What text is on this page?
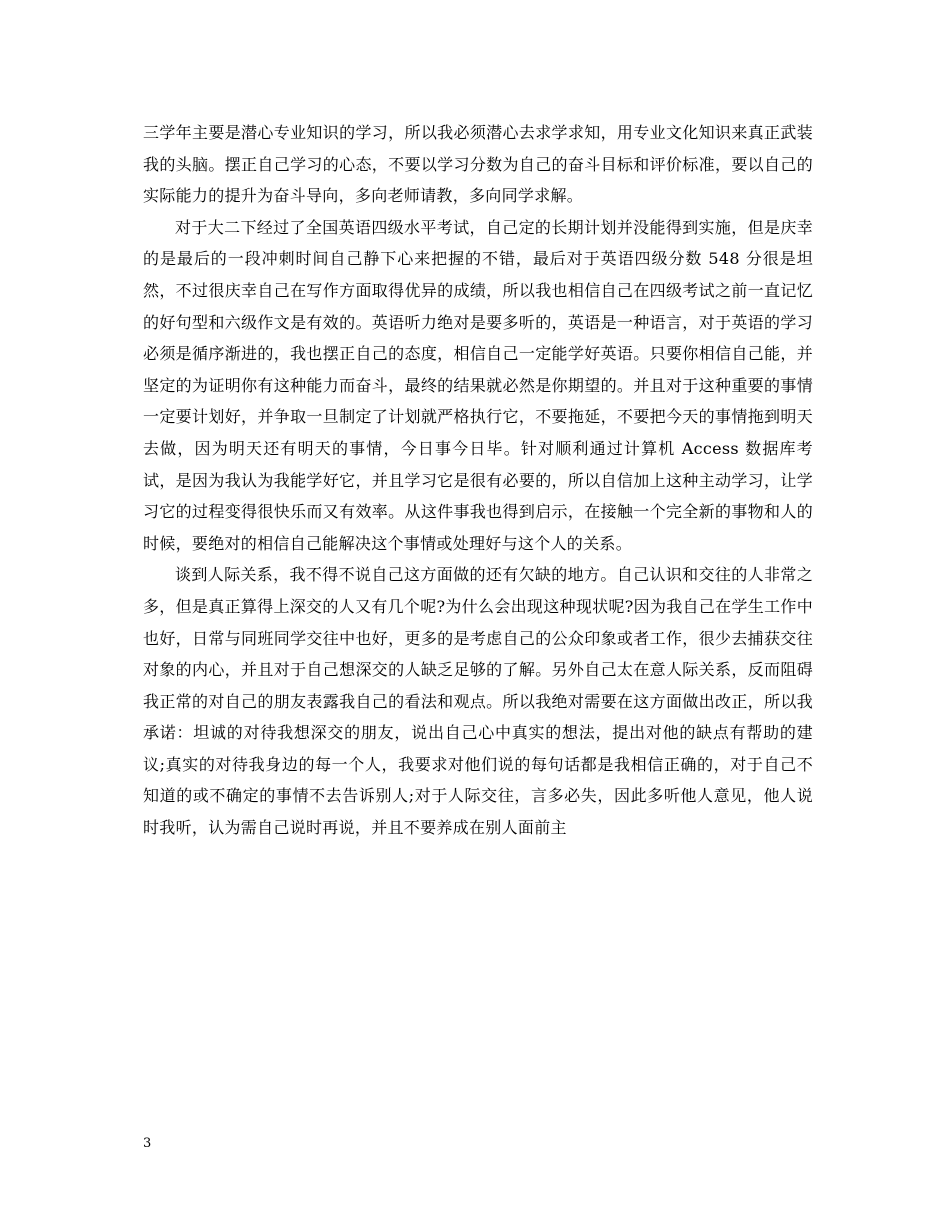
三学年主要是潜心专业知识的学习，所以我必须潜心去求学求知，用专业文化知识来真正武装我的头脑。摆正自己学习的心态，不要以学习分数为自己的奋斗目标和评价标准，要以自己的实际能力的提升为奋斗导向，多向老师请教，多向同学求解。

对于大二下经过了全国英语四级水平考试，自己定的长期计划并没能得到实施，但是庆幸的是最后的一段冲刺时间自己静下心来把握的不错，最后对于英语四级分数 548 分很是坦然，不过很庆幸自己在写作方面取得优异的成绩，所以我也相信自己在四级考试之前一直记忆的好句型和六级作文是有效的。英语听力绝对是要多听的，英语是一种语言，对于英语的学习必须是循序渐进的，我也摆正自己的态度，相信自己一定能学好英语。只要你相信自己能，并坚定的为证明你有这种能力而奋斗，最终的结果就必然是你期望的。并且对于这种重要的事情一定要计划好，并争取一旦制定了计划就严格执行它，不要拖延，不要把今天的事情拖到明天去做，因为明天还有明天的事情，今日事今日毕。针对顺利通过计算机 Access 数据库考试，是因为我认为我能学好它，并且学习它是很有必要的，所以自信加上这种主动学习，让学习它的过程变得很快乐而又有效率。从这件事我也得到启示，在接触一个完全新的事物和人的时候，要绝对的相信自己能解决这个事情或处理好与这个人的关系。

谈到人际关系，我不得不说自己这方面做的还有欠缺的地方。自己认识和交往的人非常之多，但是真正算得上深交的人又有几个呢?为什么会出现这种现状呢?因为我自己在学生工作中也好，日常与同班同学交往中也好，更多的是考虑自己的公众印象或者工作，很少去捕获交往对象的内心，并且对于自己想深交的人缺乏足够的了解。另外自己太在意人际关系，反而阻碍我正常的对自己的朋友表露我自己的看法和观点。所以我绝对需要在这方面做出改正，所以我承诺：坦诚的对待我想深交的朋友，说出自己心中真实的想法，提出对他的缺点有帮助的建议;真实的对待我身边的每一个人，我要求对他们说的每句话都是我相信正确的，对于自己不知道的或不确定的事情不去告诉别人;对于人际交往，言多必失，因此多听他人意见，他人说时我听，认为需自己说时再说，并且不要养成在别人面前主

3
